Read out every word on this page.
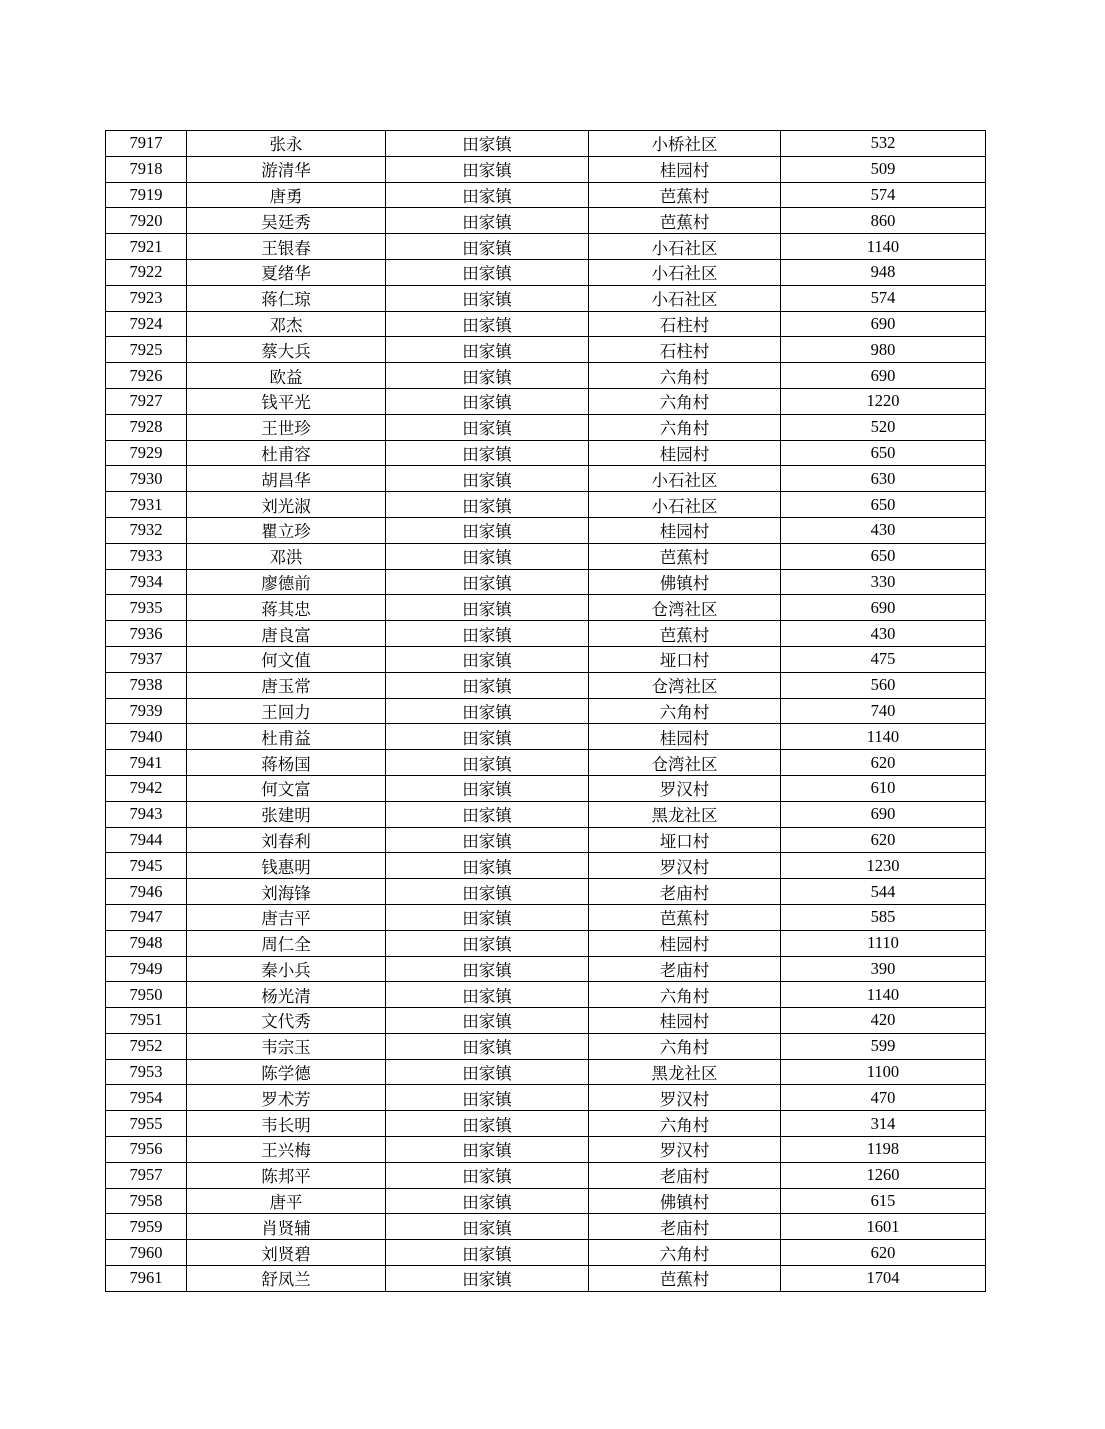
7917	张永	田家镇	小桥社区	532
7918	游清华	田家镇	桂园村	509
7919	唐勇	田家镇	芭蕉村	574
7920	吴廷秀	田家镇	芭蕉村	860
7921	王银春	田家镇	小石社区	1140
7922	夏绪华	田家镇	小石社区	948
7923	蒋仁琼	田家镇	小石社区	574
7924	邓杰	田家镇	石柱村	690
7925	蔡大兵	田家镇	石柱村	980
7926	欧益	田家镇	六角村	690
7927	钱平光	田家镇	六角村	1220
7928	王世珍	田家镇	六角村	520
7929	杜甫容	田家镇	桂园村	650
7930	胡昌华	田家镇	小石社区	630
7931	刘光淑	田家镇	小石社区	650
7932	瞿立珍	田家镇	桂园村	430
7933	邓洪	田家镇	芭蕉村	650
7934	廖德前	田家镇	佛镇村	330
7935	蒋其忠	田家镇	仓湾社区	690
7936	唐良富	田家镇	芭蕉村	430
7937	何文值	田家镇	垭口村	475
7938	唐玉常	田家镇	仓湾社区	560
7939	王回力	田家镇	六角村	740
7940	杜甫益	田家镇	桂园村	1140
7941	蒋杨国	田家镇	仓湾社区	620
7942	何文富	田家镇	罗汉村	610
7943	张建明	田家镇	黑龙社区	690
7944	刘春利	田家镇	垭口村	620
7945	钱惠明	田家镇	罗汉村	1230
7946	刘海锋	田家镇	老庙村	544
7947	唐吉平	田家镇	芭蕉村	585
7948	周仁全	田家镇	桂园村	1110
7949	秦小兵	田家镇	老庙村	390
7950	杨光清	田家镇	六角村	1140
7951	文代秀	田家镇	桂园村	420
7952	韦宗玉	田家镇	六角村	599
7953	陈学德	田家镇	黑龙社区	1100
7954	罗术芳	田家镇	罗汉村	470
7955	韦长明	田家镇	六角村	314
7956	王兴梅	田家镇	罗汉村	1198
7957	陈邦平	田家镇	老庙村	1260
7958	唐平	田家镇	佛镇村	615
7959	肖贤辅	田家镇	老庙村	1601
7960	刘贤碧	田家镇	六角村	620
7961	舒凤兰	田家镇	芭蕉村	1704
